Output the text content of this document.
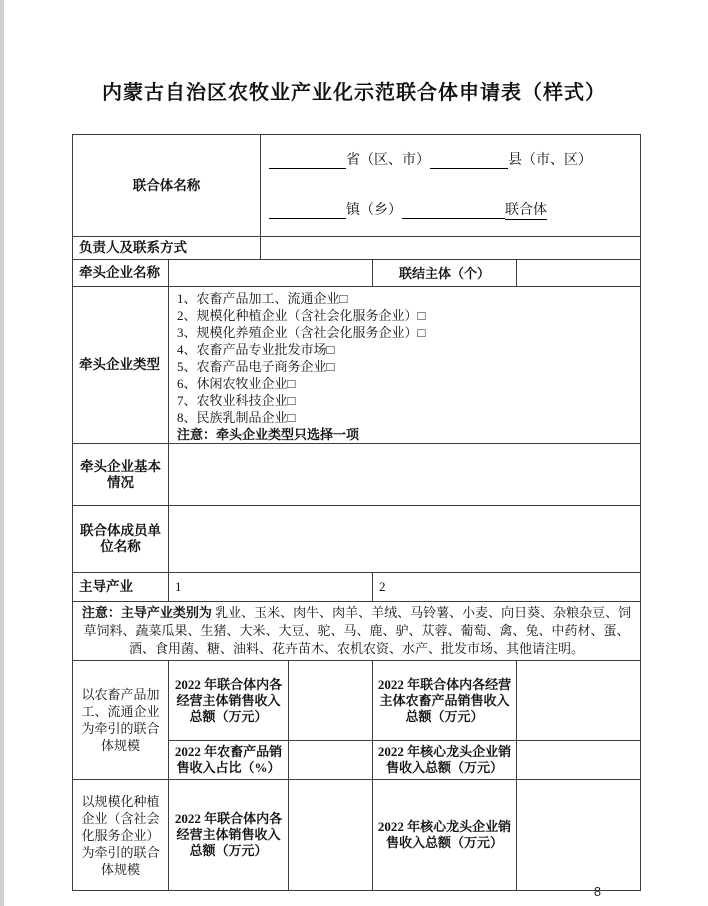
内蒙古自治区农牧业产业化示范联合体申请表（样式）
联合体名称		省（区、市） 县（市、区）
镇（乡） 联合体			

负责人及联系方式					
牵头企业名称				联结主体（个）	
牵头企业类型	
1、农畜产品加工、流通企业□
2、规模化种植企业（含社会化服务企业）□
3、规模化养殖企业（含社会化服务企业）□
4、农畜产品专业批发市场□
5、农畜产品电子商务企业□
6、休闲农牧业企业□
7、农牧业科技企业□
8、民族乳制品企业□
注意：牵头企业类型只选择一项

牵头企业基本情况					
联合体成员单位名称					
主导产业	1			2	
注意：主导产业类别为 乳业、玉米、肉牛、肉羊、羊绒、马铃薯、小麦、向日葵、杂粮杂豆、饲草饲料、蔬菜瓜果、生猪、大米、大豆、驼、马、鹿、驴、苁蓉、葡萄、禽、兔、中药材、蛋、酒、食用菌、糖、油料、花卉苗木、农机农资、水产、批发市场、其他请注明。					
以农畜产品加工、流通企业为牵引的联合体规模	2022 年联合体内各经营主体销售收入总额（万元）			2022 年联合体内各经营主体农畜产品销售收入总额（万元）	
	2022 年农畜产品销售收入占比（%）			2022 年核心龙头企业销售收入总额（万元）	
以规模化种植企业（含社会化服务企业）为牵引的联合体规模	2022 年联合体内各经营主体销售收入总额（万元）			2022 年核心龙头企业销售收入总额（万元）	
8
